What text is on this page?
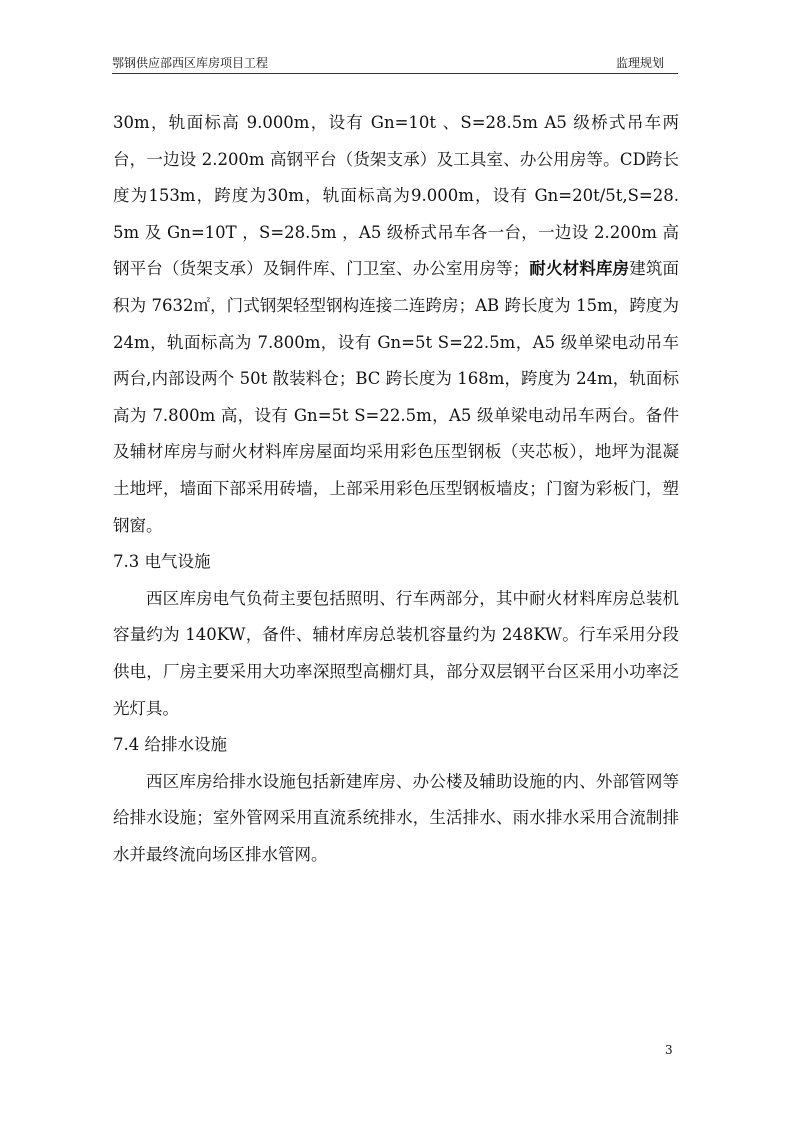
鄂钢供应部西区库房项目工程	监理规划

30m，轨面标高 9.000m，设有 Gn=10t 、S=28.5m A5 级桥式吊车两台，一边设 2.200m 高钢平台（货架支承）及工具室、办公用房等。CD跨长度为153m，跨度为30m，轨面标高为9.000m，设有 Gn=20t/5t,S=28. 5m 及 Gn=10T ，S=28.5m ，A5 级桥式吊车各一台，一边设 2.200m 高钢平台（货架支承）及铜件库、门卫室、办公室用房等；耐火材料库房建筑面积为 7632㎡，门式钢架轻型钢构连接二连跨房；AB 跨长度为 15m，跨度为 24m，轨面标高为 7.800m，设有 Gn=5t S=22.5m，A5 级单梁电动吊车两台,内部设两个 50t 散装料仓；BC 跨长度为 168m，跨度为 24m，轨面标高为 7.800m 高，设有 Gn=5t S=22.5m，A5 级单梁电动吊车两台。备件及辅材库房与耐火材料库房屋面均采用彩色压型钢板（夹芯板），地坪为混凝土地坪，墙面下部采用砖墙，上部采用彩色压型钢板墙皮；门窗为彩板门，塑钢窗。

7.3 电气设施

西区库房电气负荷主要包括照明、行车两部分，其中耐火材料库房总装机容量约为 140KW，备件、辅材库房总装机容量约为 248KW。行车采用分段供电，厂房主要采用大功率深照型高棚灯具，部分双层钢平台区采用小功率泛光灯具。

7.4 给排水设施

西区库房给排水设施包括新建库房、办公楼及辅助设施的内、外部管网等给排水设施；室外管网采用直流系统排水，生活排水、雨水排水采用合流制排水并最终流向场区排水管网。

3
